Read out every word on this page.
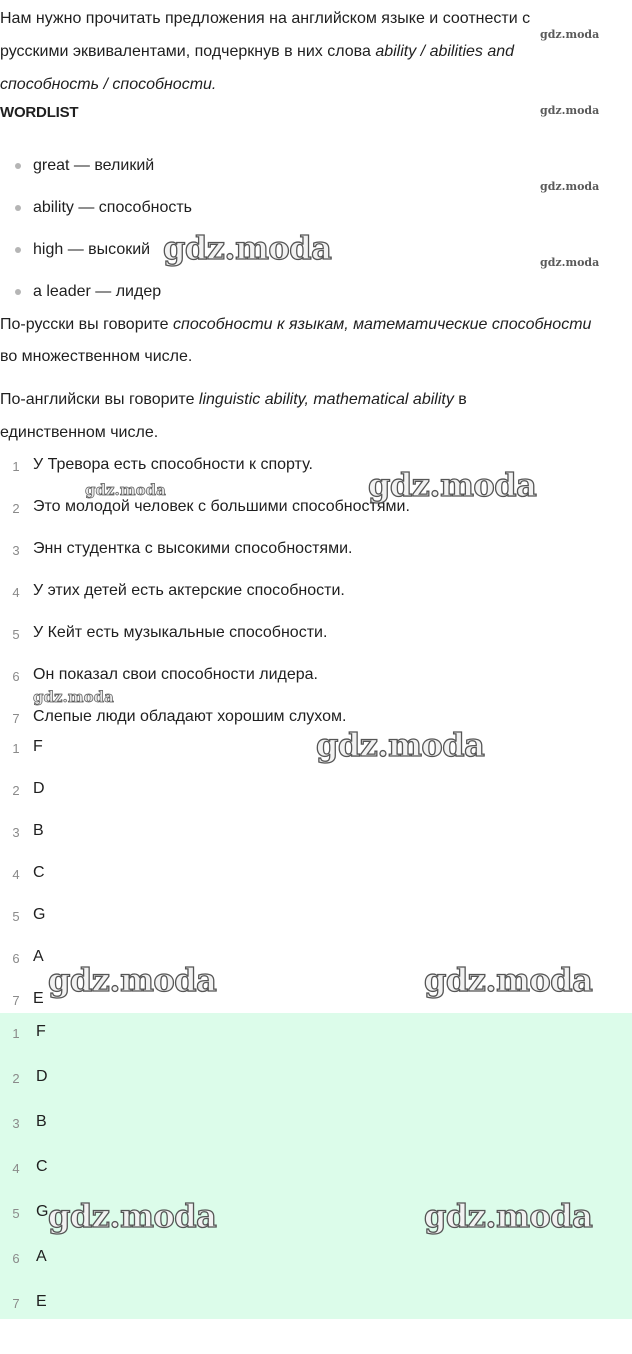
Нам нужно прочитать предложения на английском языке и соотнести с

русскими эквивалентами, подчеркнув в них слова ability / abilities and

способность / способности.

WORDLIST
great — великий
ability — способность
high — высокий
a leader — лидер

По-русски вы говорите способности к языкам, математические способности

во множественном числе.

По-английски вы говорите linguistic ability, mathematical ability в

единственном числе.

1 У Тревора есть способности к спорту.
2 Это молодой человек с большими способностями.
3 Энн студентка с высокими способностями.
4 У этих детей есть актерские способности.
5 У Кейт есть музыкальные способности.
6 Он показал свои способности лидера.
7 Слепые люди обладают хорошим слухом.
1 F
2 D
3 B
4 C
5 G
6 A
7 E
1 F
2 D
3 B
4 C
5 G
6 A
7 E
gdz.moda
gdz.moda
gdz.moda
gdz.moda
gdz.moda
gdz.moda
gdz.moda
gdz.moda
gdz.moda
gdz.moda	gdz.moda
gdz.moda	gdz.moda
